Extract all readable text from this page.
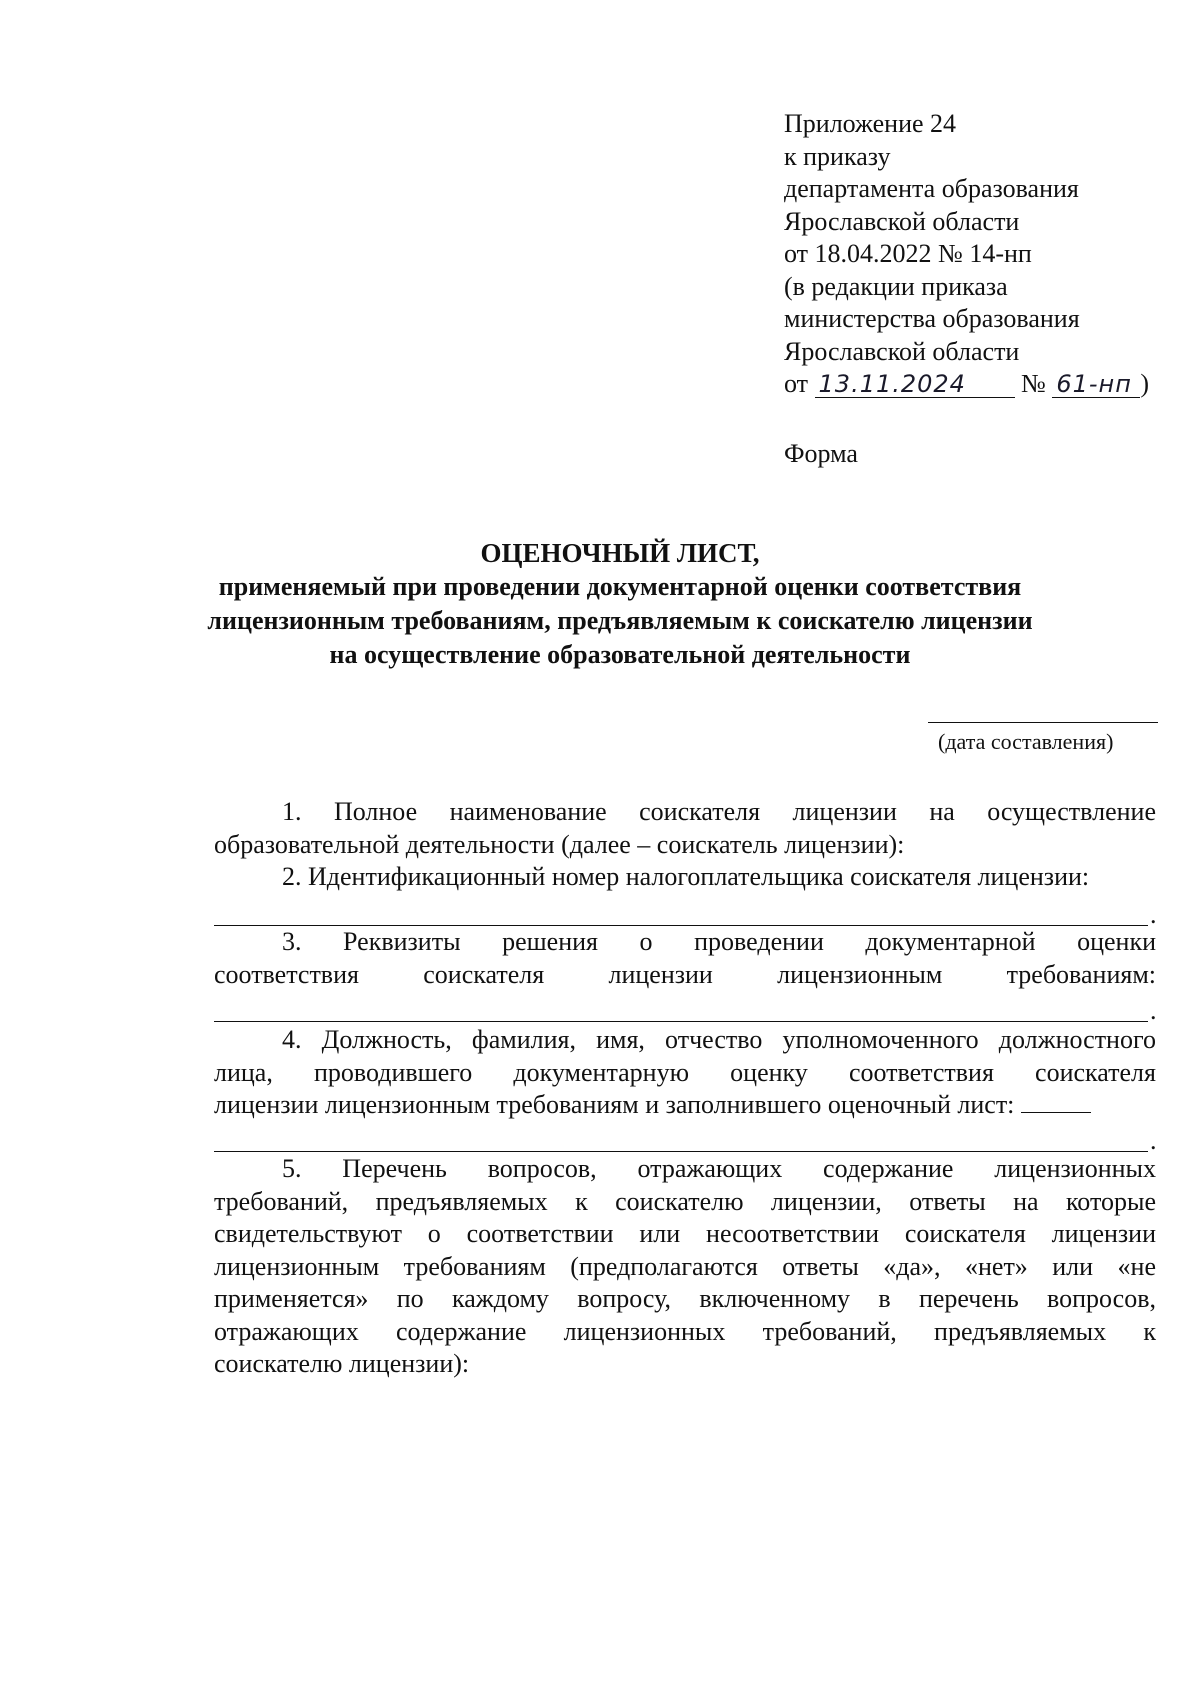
Приложение 24
к приказу
департамента образования
Ярославской области
от 18.04.2022 № 14-нп
(в редакции приказа
министерства образования
Ярославской области
от 13.11.2024 № 61-нп )
Форма
ОЦЕНОЧНЫЙ ЛИСТ,
применяемый при проведении документарной оценки соответствия
лицензионным требованиям, предъявляемым к соискателю лицензии
на осуществление образовательной деятельности
(дата составления)
1. Полное наименование соискателя лицензии на осуществление
образовательной деятельности (далее – соискатель лицензии):
2. Идентификационный номер налогоплательщика соискателя лицензии:
.
3. Реквизиты решения о проведении документарной оценки
соответствия соискателя лицензии лицензионным требованиям:
.
4. Должность, фамилия, имя, отчество уполномоченного должностного
лица, проводившего документарную оценку соответствия соискателя
лицензии лицензионным требованиям и заполнившего оценочный лист:
.
5. Перечень вопросов, отражающих содержание лицензионных
требований, предъявляемых к соискателю лицензии, ответы на которые
свидетельствуют о соответствии или несоответствии соискателя лицензии
лицензионным требованиям (предполагаются ответы «да», «нет» или «не
применяется» по каждому вопросу, включенному в перечень вопросов,
отражающих содержание лицензионных требований, предъявляемых к
соискателю лицензии):
